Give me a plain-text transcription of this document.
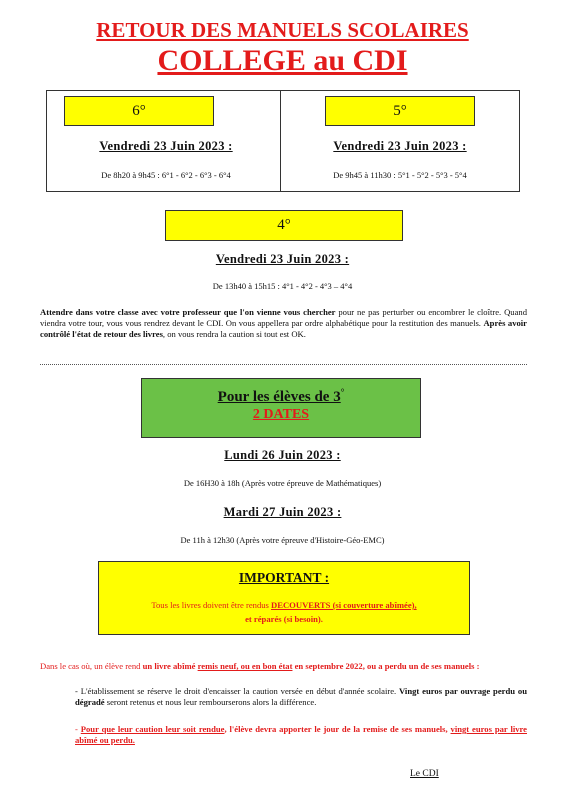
RETOUR DES MANUELS SCOLAIRES
COLLEGE au CDI
6°
Vendredi 23 Juin 2023 :
De 8h20 à 9h45 : 6°1 - 6°2 - 6°3 - 6°4
5°
Vendredi 23 Juin 2023 :
De 9h45 à 11h30 : 5°1 - 5°2 - 5°3 - 5°4
4°
Vendredi 23 Juin 2023 :
De 13h40 à 15h15 : 4°1 - 4°2 - 4°3 – 4°4
Attendre dans votre classe avec votre professeur que l'on vienne vous chercher pour ne pas perturber ou encombrer le cloître. Quand viendra votre tour, vous vous rendrez devant le CDI. On vous appellera par ordre alphabétique pour la restitution des manuels. Après avoir contrôlé l'état de retour des livres, on vous rendra la caution si tout est OK.
Pour les élèves de 3°
2 DATES
Lundi 26 Juin 2023 :
De 16H30 à 18h (Après votre épreuve de Mathématiques)
Mardi 27 Juin 2023 :
De 11h à 12h30 (Après votre épreuve d'Histoire-Géo-EMC)
IMPORTANT :
Tous les livres doivent être rendus DECOUVERTS (si couverture abîmée),
et réparés (si besoin).
Dans le cas où, un élève rend un livre abîmé remis neuf, ou en bon état en septembre 2022, ou a perdu un de ses manuels :
- L'établissement se réserve le droit d'encaisser la caution versée en début d'année scolaire. Vingt euros par ouvrage perdu ou dégradé seront retenus et nous leur rembourserons alors la différence.
- Pour que leur caution leur soit rendue, l'élève devra apporter le jour de la remise de ses manuels, vingt euros par livre abîmé ou perdu.
Le CDI
